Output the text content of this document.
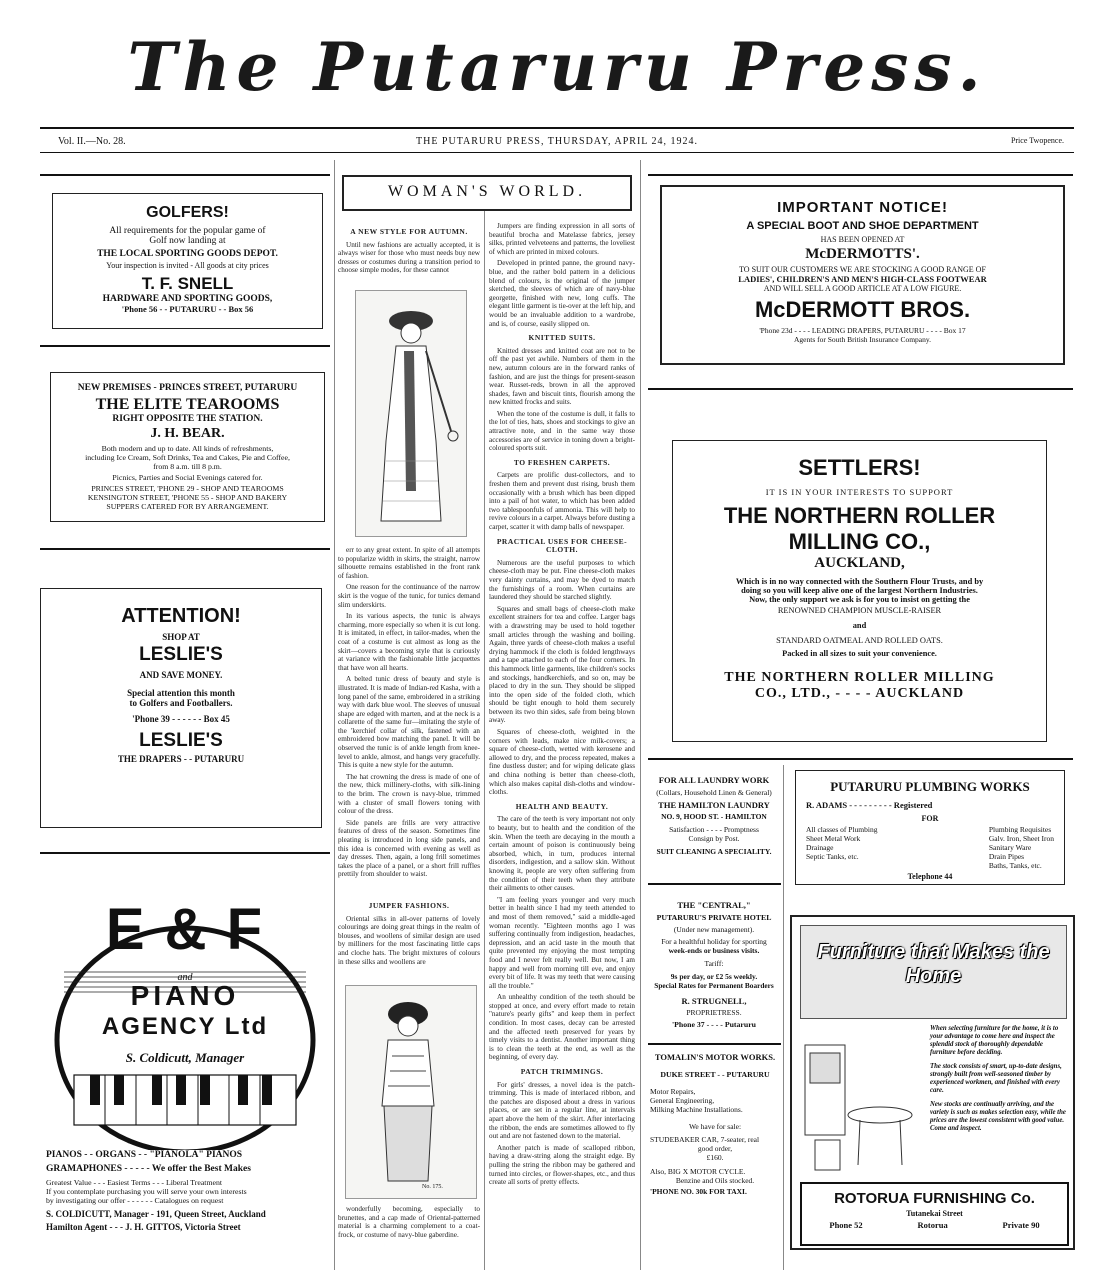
The Putaruru Press.
Vol. II.—No. 28.	THE PUTARURU PRESS, THURSDAY, APRIL 24, 1924.	Price Twopence.
GOLFERS!
All requirements for the popular game of
Golf now landing at
THE LOCAL SPORTING GOODS DEPOT.
Your inspection is invited - All goods at city prices
T. F. SNELL
HARDWARE AND SPORTING GOODS,
'Phone 56 - - PUTARURU - - Box 56
NEW PREMISES - PRINCES STREET, PUTARURU
THE ELITE TEAROOMS
RIGHT OPPOSITE THE STATION.
J. H. BEAR.
Both modern and up to date. All kinds of refreshments,
including Ice Cream, Soft Drinks, Tea and Cakes, Pie and Coffee,
from 8 a.m. till 8 p.m.
Picnics, Parties and Social Evenings catered for.
PRINCES STREET, 'PHONE 29 - SHOP AND TEAROOMS
KENSINGTON STREET, 'PHONE 55 - SHOP AND BAKERY
SUPPERS CATERED FOR BY ARRANGEMENT.
ATTENTION!
SHOP AT
LESLIE'S
AND SAVE MONEY.
Special attention this month
to Golfers and Footballers.
'Phone 39 - - - - - - Box 45
LESLIE'S
THE DRAPERS - - PUTARURU
E & F
and
PIANO
AGENCY Ltd
S. Coldicutt, Manager
PIANOS - - ORGANS - - "PIANOLA" PIANOS
GRAMAPHONES - - - - - We offer the Best Makes
Greatest Value - - - Easiest Terms - - - Liberal Treatment
If you contemplate purchasing you will serve your own interests
by investigating our offer - - - - - - Catalogues on request
S. COLDICUTT, Manager - 191, Queen Street, Auckland
Hamilton Agent - - - J. H. GITTOS, Victoria Street
WOMAN'S WORLD.
A NEW STYLE FOR AUTUMN.

Until new fashions are actually accepted, it is always wiser for those who must needs buy new dresses or costumes during a transition period to choose simple modes, for these cannot

err to any great extent. In spite of all attempts to popularize width in skirts, the straight, narrow silhouette remains established in the front rank of fashion.

One reason for the continuance of the narrow skirt is the vogue of the tunic, for tunics demand slim underskirts.

In its various aspects, the tunic is always charming, more especially so when it is cut long. It is imitated, in effect, in tailor-mades, when the coat of a costume is cut almost as long as the skirt—covers a becoming style that is curiously at variance with the fashionable little jacquettes that have won all hearts.

A belted tunic dress of beauty and style is illustrated. It is made of Indian-red Kasha, with a long panel of the same, embroidered in a striking way with dark blue wool. The sleeves of unusual shape are edged with marten, and at the neck is a collarette of the same fur—imitating the style of the 'kerchief collar of silk, fastened with an embroidered bow matching the panel. It will be observed the tunic is of ankle length from knee-level to ankle, almost, and hangs very gracefully. This is quite a new style for the autumn.

The hat crowning the dress is made of one of the new, thick millinery-cloths, with silk-lining to the brim. The crown is navy-blue, trimmed with a cluster of small flowers toning with colour of the dress.

Side panels are frills are very attractive features of dress of the season. Sometimes fine pleating is introduced in long side panels, and this idea is concerned with evening as well as day dresses. Then, again, a long frill sometimes takes the place of a panel, or a short frill ruffles prettily from shoulder to waist.

JUMPER FASHIONS.

Oriental silks in all-over patterns of lovely colourings are doing great things in the realm of blouses, and woollens of similar design are used by milliners for the most fascinating little caps and cloche hats. The bright mixtures of colours in these silks and woollens are

No. 175.

wonderfully becoming, especially to brunettes, and a cap made of Oriental-patterned material is a charming complement to a coat-frock, or costume of navy-blue gaberdine.

Jumpers are finding expression in all sorts of beautiful brocha and Matelasse fabrics, jersey silks, printed velveteens and patterns, the loveliest of which are printed in mixed colours.

Developed in printed panne, the ground navy-blue, and the rather bold pattern in a delicious blend of colours, is the original of the jumper sketched, the sleeves of which are of navy-blue georgette, finished with new, long cuffs. The elegant little garment is tie-over at the left hip, and would be an invaluable addition to a wardrobe, and is, of course, easily slipped on.

KNITTED SUITS.

Knitted dresses and knitted coat are not to be off the past yet awhile. Numbers of them in the new, autumn colours are in the forward ranks of fashion, and are just the things for present-season wear. Russet-reds, brown in all the approved shades, fawn and biscuit tints, flourish among the new knitted frocks and suits.

When the tone of the costume is dull, it falls to the lot of ties, hats, shoes and stockings to give an attractive note, and in the same way those accessories are of service in toning down a bright-coloured sports suit.

TO FRESHEN CARPETS.

Carpets are prolific dust-collectors, and to freshen them and prevent dust rising, brush them occasionally with a brush which has been dipped into a pail of hot water, to which has been added two tablespoonfuls of ammonia. This will help to revive colours in a carpet. Always before dusting a carpet, scatter it with damp balls of newspaper.

PRACTICAL USES FOR CHEESE-CLOTH.

Numerous are the useful purposes to which cheese-cloth may be put. Fine cheese-cloth makes very dainty curtains, and may be dyed to match the furnishings of a room. When curtains are laundered they should be starched slightly.

Squares and small bags of cheese-cloth make excellent strainers for tea and coffee. Larger bags with a drawstring may be used to hold together small articles through the washing and boiling. Again, three yards of cheese-cloth makes a useful drying hammock if the cloth is folded lengthways and a tape attached to each of the four corners. In this hammock little garments, like children's socks and stockings, handkerchiefs, and so on, may be placed to dry in the sun. They should be slipped into the open side of the folded cloth, which should be tight enough to hold them securely between its two thin sides, safe from being blown away.

Squares of cheese-cloth, weighted in the corners with leads, make nice milk-covers; a square of cheese-cloth, wetted with kerosene and allowed to dry, and the process repeated, makes a fine dustless duster; and for wiping delicate glass and china nothing is better than cheese-cloth, which also makes capital dish-cloths and window-cloths.

HEALTH AND BEAUTY.

The care of the teeth is very important not only to beauty, but to health and the condition of the skin. When the teeth are decaying in the mouth a certain amount of poison is continuously being absorbed, which, in turn, produces internal disorders, indigestion, and a sallow skin. Without knowing it, people are very often suffering from the condition of their teeth when they attribute their ailments to other causes.

"I am feeling years younger and very much better in health since I had my teeth attended to and most of them removed," said a middle-aged woman recently. "Eighteen months ago I was suffering continually from indigestion, headaches, depression, and an acid taste in the mouth that quite prevented my enjoying the most tempting food and I never felt really well. But now, I am happy and well from morning till eve, and enjoy every bit of life. It was my teeth that were causing all the trouble."

An unhealthy condition of the teeth should be stopped at once, and every effort made to retain "nature's pearly gifts" and keep them in perfect condition. In most cases, decay can be arrested and the affected teeth preserved for years by timely visits to a dentist. Another important thing is to clean the teeth at the end, as well as the beginning, of every day.

PATCH TRIMMINGS.

For girls' dresses, a novel idea is the patch-trimming. This is made of interlaced ribbon, and the patches are disposed about a dress in various places, or are set in a regular line, at intervals apart above the hem of the skirt. After interlacing the ribbon, the ends are sometimes allowed to fly out and are not fastened down to the material.

Another patch is made of scalloped ribbon, having a draw-string along the straight edge. By pulling the string the ribbon may be gathered and turned into circles, or flower-shapes, etc., and thus create all sorts of pretty effects.

IMPORTANT NOTICE!
A SPECIAL BOOT AND SHOE DEPARTMENT
HAS BEEN OPENED AT
McDERMOTTS'.
TO SUIT OUR CUSTOMERS WE ARE STOCKING A GOOD RANGE OF
LADIES', CHILDREN'S AND MEN'S HIGH-CLASS FOOTWEAR
AND WILL SELL A GOOD ARTICLE AT A LOW FIGURE.
McDERMOTT BROS.
'Phone 23d - - - - LEADING DRAPERS, PUTARURU - - - - Box 17
Agents for South British Insurance Company.
SETTLERS!
IT IS IN YOUR INTERESTS TO SUPPORT
THE NORTHERN ROLLER
MILLING CO.,
AUCKLAND,
Which is in no way connected with the Southern Flour Trusts, and by
doing so you will keep alive one of the largest Northern Industries.
Now, the only support we ask is for you to insist on getting the
RENOWNED CHAMPION MUSCLE-RAISER
and
STANDARD OATMEAL AND ROLLED OATS.
Packed in all sizes to suit your convenience.
THE NORTHERN ROLLER MILLING
CO., LTD., - - - - AUCKLAND
FOR ALL LAUNDRY WORK
(Collars, Household Linen & General)
THE HAMILTON LAUNDRY
NO. 9, HOOD ST. - HAMILTON
Satisfaction - - - - Promptness
Consign by Post.
SUIT CLEANING A SPECIALITY.
PUTARURU PLUMBING WORKS
R. ADAMS - - - - - - - - - Registered
FOR
All classes of Plumbing
Sheet Metal Work
Drainage
Septic Tanks, etc.
Plumbing Requisites
Galv. Iron, Sheet Iron
Sanitary Ware
Drain Pipes
Baths, Tanks, etc.
Telephone 44
THE "CENTRAL,"
PUTARURU'S PRIVATE HOTEL
(Under new management).
For a healthful holiday for sporting
week-ends or business visits.
Tariff:
9s per day, or £2 5s weekly.
Special Rates for Permanent Boarders
R. STRUGNELL,
PROPRIETRESS.
'Phone 37 - - - - Putaruru
TOMALIN'S MOTOR WORKS.
DUKE STREET - - PUTARURU
Motor Repairs,
General Engineering,
Milking Machine Installations.
We have for sale:
STUDEBAKER CAR, 7-seater, real
good order,
£160.
Also, BIG X MOTOR CYCLE.
Benzine and Oils stocked.
'PHONE NO. 30k FOR TAXI.
Furniture that Makes the Home
When selecting furniture for the home, it is to your advantage to come here and inspect the splendid stock of thoroughly dependable furniture before deciding.
The stock consists of smart, up-to-date designs, strongly built from well-seasoned timber by experienced workmen, and finished with every care.
New stocks are continually arriving, and the variety is such as makes selection easy, while the prices are the lowest consistent with good value. Come and inspect.
ROTORUA FURNISHING Co.
Tutanekai Street
Phone 52	Rotorua	Private 90
